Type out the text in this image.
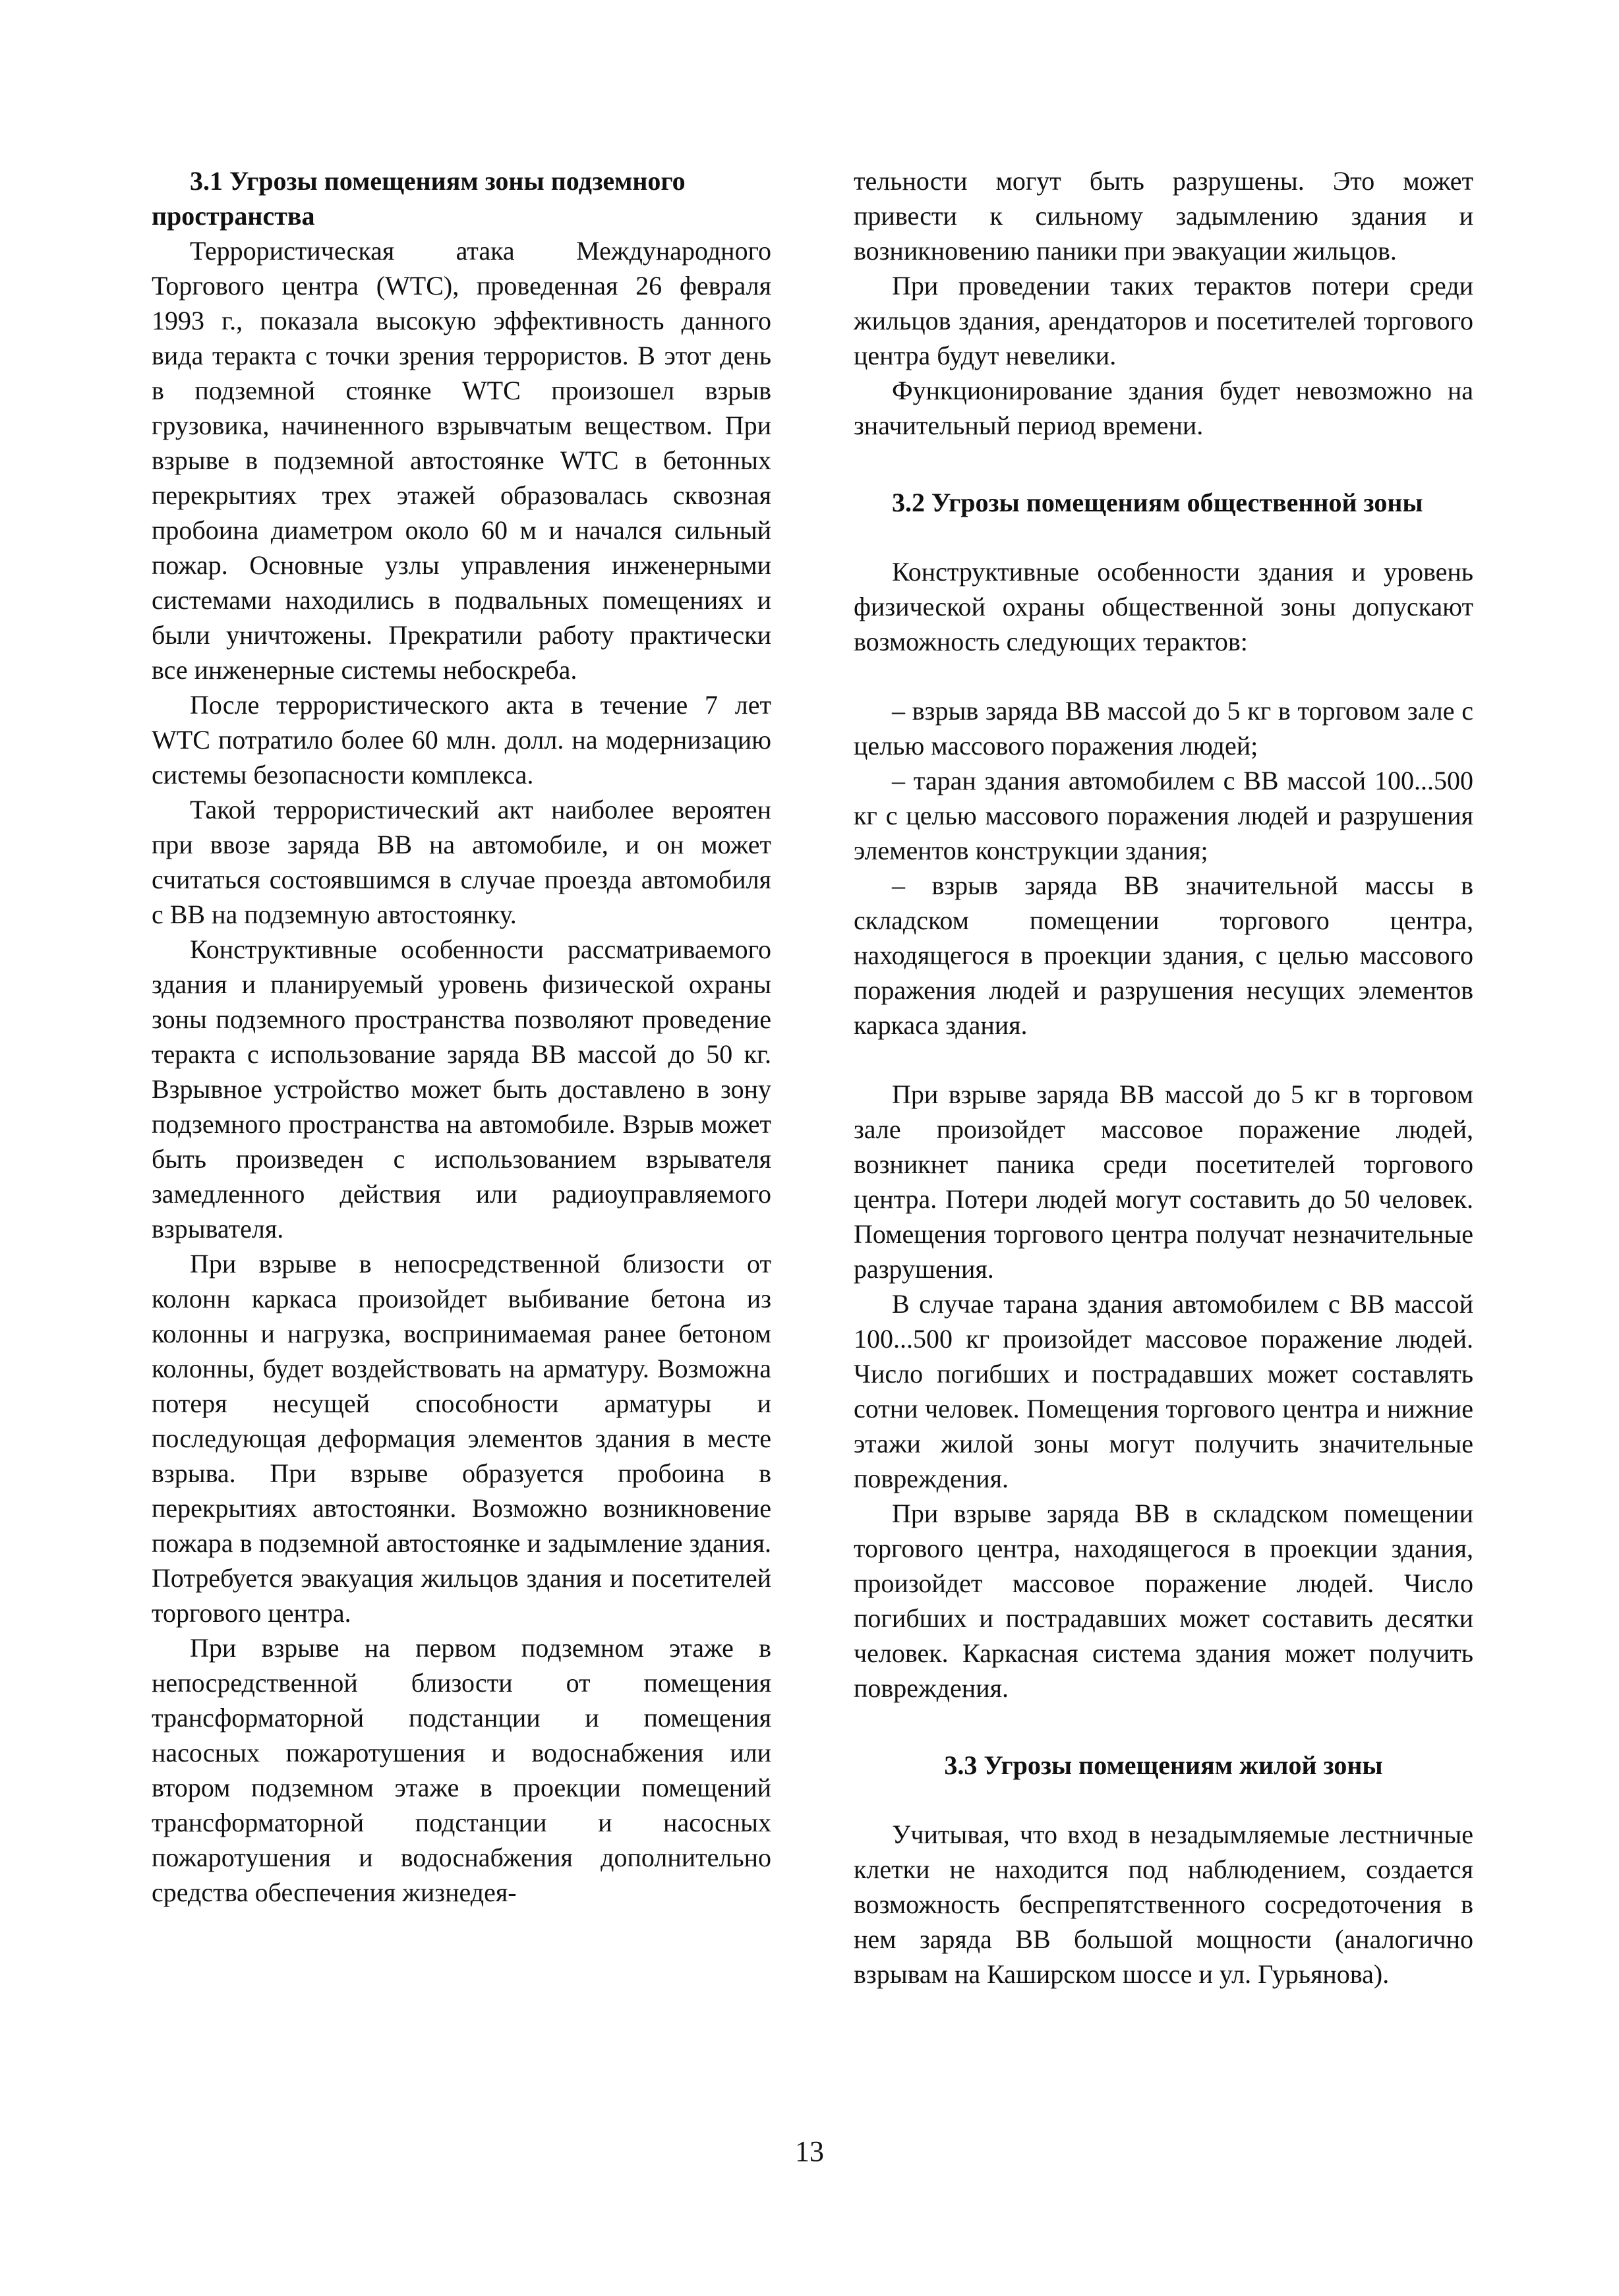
3.1 Угрозы помещениям зоны подземного пространства

Террористическая атака Международного Торгового центра (WTC), проведенная 26 февраля 1993 г., показала высокую эффективность данного вида теракта с точки зрения террористов. В этот день в подземной стоянке WTC произошел взрыв грузовика, начиненного взрывчатым веществом. При взрыве в подземной автостоянке WTC в бетонных перекрытиях трех этажей образовалась сквозная пробоина диаметром около 60 м и начался сильный пожар. Основные узлы управления инженерными системами находились в подвальных помещениях и были уничтожены. Прекратили работу практически все инженерные системы небоскреба.

После террористического акта в течение 7 лет WTC потратило более 60 млн. долл. на модернизацию системы безопасности комплекса.

Такой террористический акт наиболее вероятен при ввозе заряда ВВ на автомобиле, и он может считаться состоявшимся в случае проезда автомобиля с ВВ на подземную автостоянку.

Конструктивные особенности рассматриваемого здания и планируемый уровень физической охраны зоны подземного пространства позволяют проведение теракта с использование заряда ВВ массой до 50 кг. Взрывное устройство может быть доставлено в зону подземного пространства на автомобиле. Взрыв может быть произведен с использованием взрывателя замедленного действия или радиоуправляемого взрывателя.

При взрыве в непосредственной близости от колонн каркаса произойдет выбивание бетона из колонны и нагрузка, воспринимаемая ранее бетоном колонны, будет воздействовать на арматуру. Возможна потеря несущей способности арматуры и последующая деформация элементов здания в месте взрыва. При взрыве образуется пробоина в перекрытиях автостоянки. Возможно возникновение пожара в подземной автостоянке и задымление здания. Потребуется эвакуация жильцов здания и посетителей торгового центра.

При взрыве на первом подземном этаже в непосредственной близости от помещения трансформаторной подстанции и помещения насосных пожаротушения и водоснабжения или втором подземном этаже в проекции помещений трансформаторной подстанции и насосных пожаротушения и водоснабжения дополнительно средства обеспечения жизнедея-

тельности могут быть разрушены. Это может привести к сильному задымлению здания и возникновению паники при эвакуации жильцов.

При проведении таких терактов потери среди жильцов здания, арендаторов и посетителей торгового центра будут невелики.

Функционирование здания будет невозможно на значительный период времени.

3.2 Угрозы помещениям общественной зоны

Конструктивные особенности здания и уровень физической охраны общественной зоны допускают возможность следующих терактов:

– взрыв заряда ВВ массой до 5 кг в торговом зале с целью массового поражения людей;
– таран здания автомобилем с ВВ массой 100...500 кг с целью массового поражения людей и разрушения элементов конструкции здания;
– взрыв заряда ВВ значительной массы в складском помещении торгового центра, находящегося в проекции здания, с целью массового поражения людей и разрушения несущих элементов каркаса здания.

При взрыве заряда ВВ массой до 5 кг в торговом зале произойдет массовое поражение людей, возникнет паника среди посетителей торгового центра. Потери людей могут составить до 50 человек. Помещения торгового центра получат незначительные разрушения.

В случае тарана здания автомобилем с ВВ массой 100...500 кг произойдет массовое поражение людей. Число погибших и пострадавших может составлять сотни человек. Помещения торгового центра и нижние этажи жилой зоны могут получить значительные повреждения.

При взрыве заряда ВВ в складском помещении торгового центра, находящегося в проекции здания, произойдет массовое поражение людей. Число погибших и пострадавших может составить десятки человек. Каркасная система здания может получить повреждения.

3.3 Угрозы помещениям жилой зоны

Учитывая, что вход в незадымляемые лестничные клетки не находится под наблюдением, создается возможность беспрепятственного сосредоточения в нем заряда ВВ большой мощности (аналогично взрывам на Каширском шоссе и ул. Гурьянова).

13
